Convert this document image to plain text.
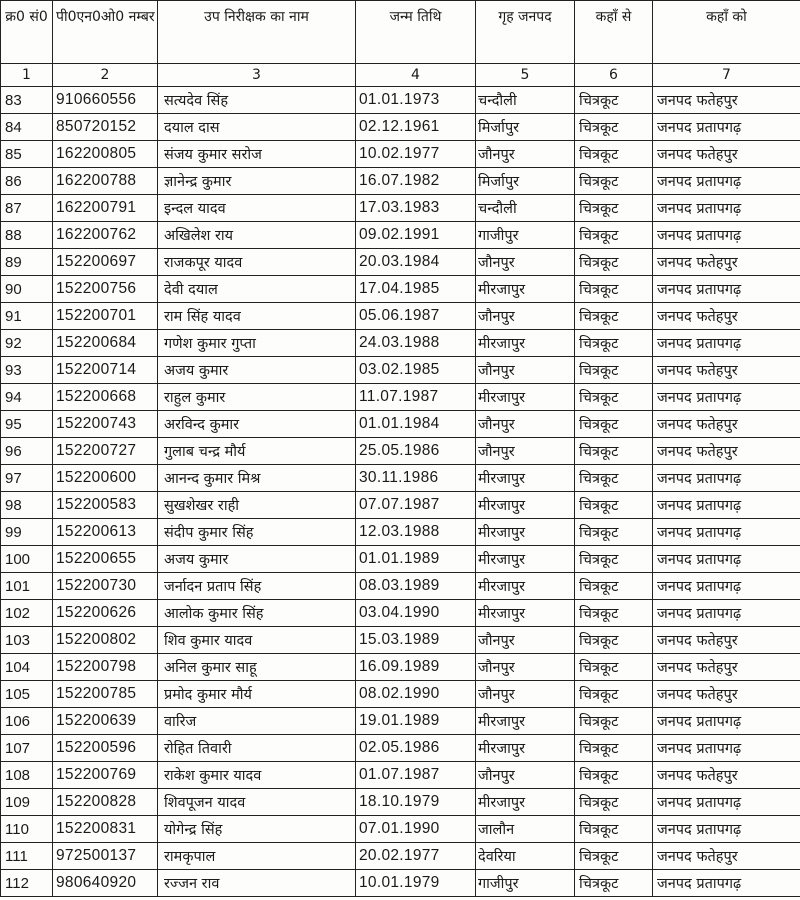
क्र0 सं0	पी0एन0ओ0 नम्बर	उप निरीक्षक का नाम	जन्म तिथि	गृह जनपद	कहाँ से	कहाँ को
1	2	3	4	5	6	7
83	910660556	सत्यदेव सिंह	01.01.1973	चन्दौली	चित्रकूट	जनपद फतेहपुर
84	850720152	दयाल दास	02.12.1961	मिर्जापुर	चित्रकूट	जनपद प्रतापगढ़
85	162200805	संजय कुमार सरोज	10.02.1977	जौनपुर	चित्रकूट	जनपद फतेहपुर
86	162200788	ज्ञानेन्द्र कुमार	16.07.1982	मिर्जापुर	चित्रकूट	जनपद प्रतापगढ़
87	162200791	इन्दल यादव	17.03.1983	चन्दौली	चित्रकूट	जनपद प्रतापगढ़
88	162200762	अखिलेश राय	09.02.1991	गाजीपुर	चित्रकूट	जनपद प्रतापगढ़
89	152200697	राजकपूर यादव	20.03.1984	जौनपुर	चित्रकूट	जनपद फतेहपुर
90	152200756	देवी दयाल	17.04.1985	मीरजापुर	चित्रकूट	जनपद प्रतापगढ़
91	152200701	राम सिंह यादव	05.06.1987	जौनपुर	चित्रकूट	जनपद फतेहपुर
92	152200684	गणेश कुमार गुप्ता	24.03.1988	मीरजापुर	चित्रकूट	जनपद प्रतापगढ़
93	152200714	अजय कुमार	03.02.1985	जौनपुर	चित्रकूट	जनपद फतेहपुर
94	152200668	राहुल कुमार	11.07.1987	मीरजापुर	चित्रकूट	जनपद प्रतापगढ़
95	152200743	अरविन्द कुमार	01.01.1984	जौनपुर	चित्रकूट	जनपद फतेहपुर
96	152200727	गुलाब चन्द्र मौर्य	25.05.1986	जौनपुर	चित्रकूट	जनपद फतेहपुर
97	152200600	आनन्द कुमार मिश्र	30.11.1986	मीरजापुर	चित्रकूट	जनपद प्रतापगढ़
98	152200583	सुखशेखर राही	07.07.1987	मीरजापुर	चित्रकूट	जनपद प्रतापगढ़
99	152200613	संदीप कुमार सिंह	12.03.1988	मीरजापुर	चित्रकूट	जनपद प्रतापगढ़
100	152200655	अजय कुमार	01.01.1989	मीरजापुर	चित्रकूट	जनपद प्रतापगढ़
101	152200730	जर्नादन प्रताप सिंह	08.03.1989	मीरजापुर	चित्रकूट	जनपद प्रतापगढ़
102	152200626	आलोक कुमार सिंह	03.04.1990	मीरजापुर	चित्रकूट	जनपद प्रतापगढ़
103	152200802	शिव कुमार यादव	15.03.1989	जौनपुर	चित्रकूट	जनपद फतेहपुर
104	152200798	अनिल कुमार साहू	16.09.1989	जौनपुर	चित्रकूट	जनपद फतेहपुर
105	152200785	प्रमोद कुमार मौर्य	08.02.1990	जौनपुर	चित्रकूट	जनपद फतेहपुर
106	152200639	वारिज	19.01.1989	मीरजापुर	चित्रकूट	जनपद प्रतापगढ़
107	152200596	रोहित तिवारी	02.05.1986	मीरजापुर	चित्रकूट	जनपद प्रतापगढ़
108	152200769	राकेश कुमार यादव	01.07.1987	जौनपुर	चित्रकूट	जनपद फतेहपुर
109	152200828	शिवपूजन यादव	18.10.1979	मीरजापुर	चित्रकूट	जनपद प्रतापगढ़
110	152200831	योगेन्द्र सिंह	07.01.1990	जालौन	चित्रकूट	जनपद प्रतापगढ़
111	972500137	रामकृपाल	20.02.1977	देवरिया	चित्रकूट	जनपद फतेहपुर
112	980640920	रज्जन राव	10.01.1979	गाजीपुर	चित्रकूट	जनपद प्रतापगढ़
